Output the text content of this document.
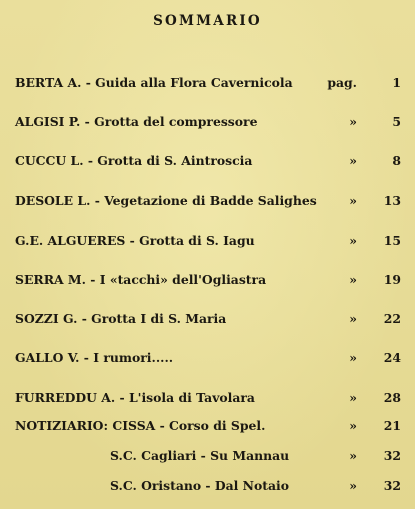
SOMMARIO
BERTA A. - Guida alla Flora Cavernicola	pag.	1
ALGISI P. - Grotta del compressore	»	5
CUCCU L. - Grotta di S. Aintroscia	»	8
DESOLE L. - Vegetazione di Badde Salighes	»	13
G.E. ALGUERES - Grotta di S. Iagu	»	15
SERRA M. - I «tacchi» dell'Ogliastra	»	19
SOZZI G. - Grotta I di S. Maria	»	22
GALLO V. - I rumori.....	»	24
FURREDDU A. - L'isola di Tavolara	»	28
NOTIZIARIO: CISSA - Corso di Spel.	»	21
S.C. Cagliari - Su Mannau	»	32
S.C. Oristano - Dal Notaio	»	32
